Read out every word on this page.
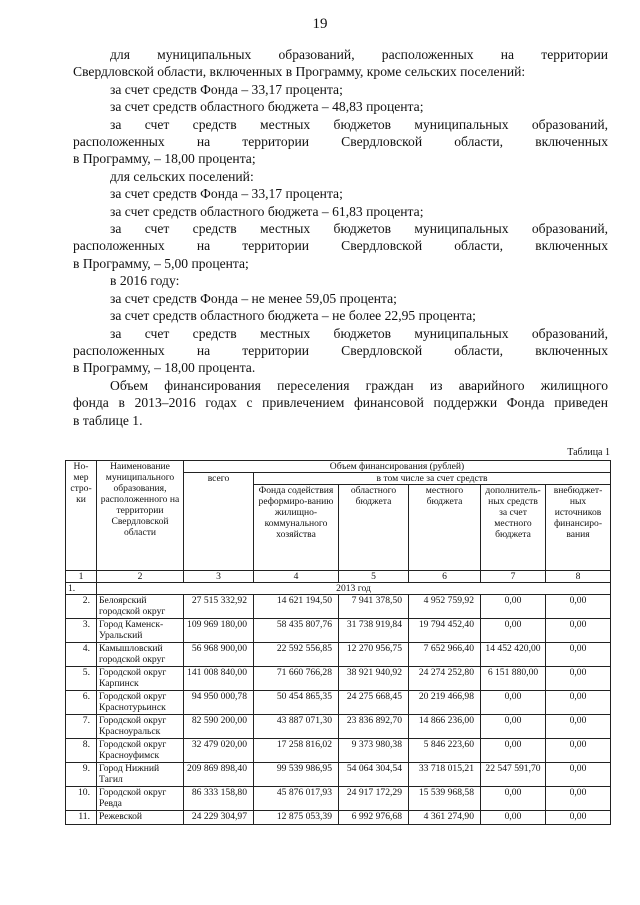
19

для муниципальных образований, расположенных на территории

Свердловской области, включенных в Программу, кроме сельских поселений:

за счет средств Фонда – 33,17 процента;

за счет средств областного бюджета – 48,83 процента;

за счет средств местных бюджетов муниципальных образований,

расположенных на территории Свердловской области, включенных

в Программу, – 18,00 процента;

для сельских поселений:

за счет средств Фонда – 33,17 процента;

за счет средств областного бюджета – 61,83 процента;

за счет средств местных бюджетов муниципальных образований,

расположенных на территории Свердловской области, включенных

в Программу, – 5,00 процента;

в 2016 году:

за счет средств Фонда – не менее 59,05 процента;

за счет средств областного бюджета – не более 22,95 процента;

за счет средств местных бюджетов муниципальных образований,

расположенных на территории Свердловской области, включенных

в Программу, – 18,00 процента.

Объем финансирования переселения граждан из аварийного жилищного

фонда в 2013–2016 годах с привлечением финансовой поддержки Фонда приведен

в таблице 1.

Таблица 1
Но-мер стро-ки	Наименование муниципального образования, расположенного на территории Свердловской области	Объем финансирования (рублей)					
		всего	в том числе за счет средств				
			Фонда содействия реформиро-ванию жилищно-коммунального хозяйства	областного бюджета	местного бюджета	дополнитель-ных средств за счет местного бюджета	внебюджет-ных источников финансиро-вания
1	2	3	4	5	6	7	8
1.	2013 год						
2.	Белоярский городской округ	27 515 332,92	14 621 194,50	7 941 378,50	4 952 759,92	0,00	0,00
3.	Город Каменск-Уральский	109 969 180,00	58 435 807,76	31 738 919,84	19 794 452,40	0,00	0,00
4.	Камышловский городской округ	56 968 900,00	22 592 556,85	12 270 956,75	7 652 966,40	14 452 420,00	0,00
5.	Городской округ Карпинск	141 008 840,00	71 660 766,28	38 921 940,92	24 274 252,80	6 151 880,00	0,00
6.	Городской округ Краснотурьинск	94 950 000,78	50 454 865,35	24 275 668,45	20 219 466,98	0,00	0,00
7.	Городской округ Красноуральск	82 590 200,00	43 887 071,30	23 836 892,70	14 866 236,00	0,00	0,00
8.	Городской округ Красноуфимск	32 479 020,00	17 258 816,02	9 373 980,38	5 846 223,60	0,00	0,00
9.	Город Нижний Тагил	209 869 898,40	99 539 986,95	54 064 304,54	33 718 015,21	22 547 591,70	0,00
10.	Городской округ Ревда	86 333 158,80	45 876 017,93	24 917 172,29	15 539 968,58	0,00	0,00
11.	Режевской	24 229 304,97	12 875 053,39	6 992 976,68	4 361 274,90	0,00	0,00
